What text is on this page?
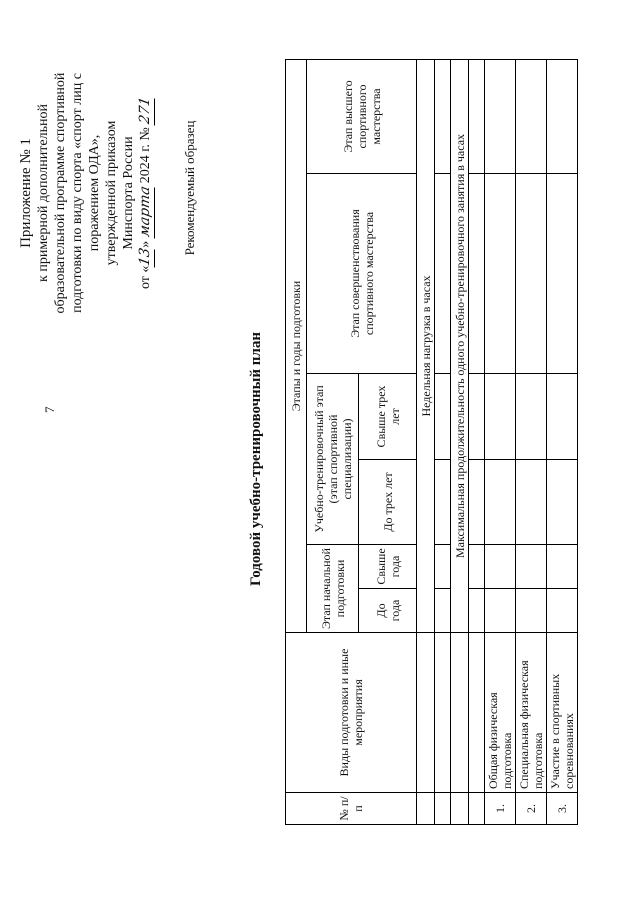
7
Приложение № 1 к примерной дополнительной образовательной программе спортивной подготовки по виду спорта «спорт лиц с поражением ОДА», утвержденной приказом Минспорта России
от «13» марта 2024 г. № 271
Рекомендуемый образец
Годовой учебно-тренировочный план
№ п/п	Виды подготовки и иные мероприятия	Этапы и годы подготовки					
		Этап начальной подготовки		Учебно-тренировочный этап (этап спортивной специализации)		Этап совершенствования спортивного мастерства	Этап высшего спортивного мастерства
		До года	Свыше года	До трех лет	Свыше трех лет		
		Недельная нагрузка в часах					

		Максимальная продолжительность одного учебно-тренировочного занятия в часах					

1.	Общая физическая подготовка						
2.	Специальная физическая подготовка						
3.	Участие в спортивных соревнованиях						
